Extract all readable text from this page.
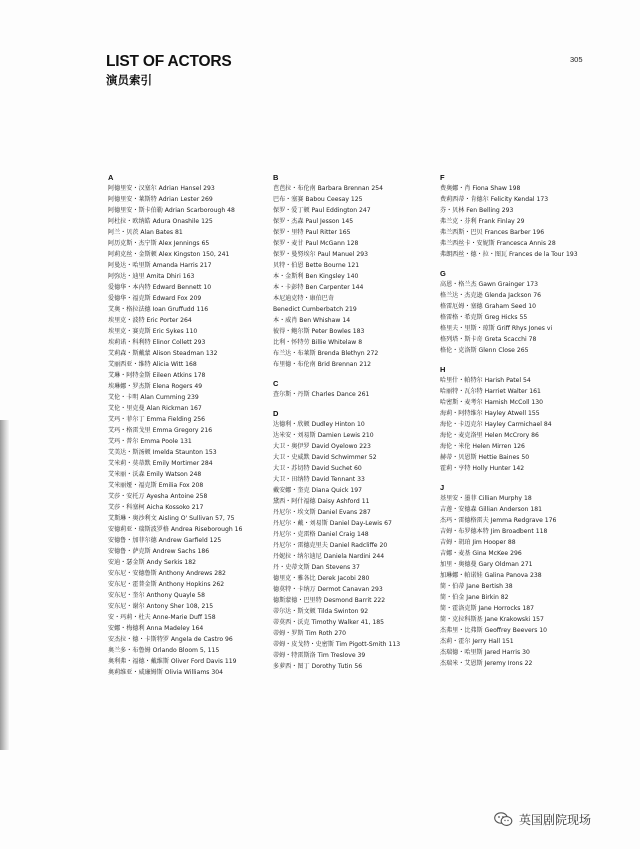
LIST OF ACTORS
演员索引
305
A
阿德里安・汉塞尔 Adrian Hansel 293
阿德里安・莱斯特 Adrian Lester 269
阿德里安・斯卡伯勒 Adrian Scarborough 48
阿杜拉・欧纳皓 Adura Onashile 125
阿兰・贝茨 Alan Bates 81
阿历克斯・杰宁斯 Alex Jennings 65
阿莉克丝・金斯顿 Alex Kingston 150, 241
阿曼达・哈里斯 Amanda Harris 217
阿弥达・迪里 Amita Dhiri 163
爱德华・本内特 Edward Bennett 10
爱德华・福克斯 Edward Fox 209
艾奥・格拉法德 Ioan Gruffudd 116
埃里克・波特 Eric Porter 264
埃里克・赛克斯 Eric Sykes 110
埃莉诺・科利特 Elinor Collett 293
艾莉森・斯戴蒙 Alison Steadman 132
艾丽西亚・维特 Alicia Witt 168
艾琳・阿特金斯 Eileen Atkins 178
埃琳娜・罗杰斯 Elena Rogers 49
艾伦・卡明 Alan Cumming 239
艾伦・里克曼 Alan Rickman 167
艾玛・菲尔丁 Emma Fielding 256
艾玛・格雷戈里 Emma Gregory 216
艾玛・普尔 Emma Poole 131
艾美达・斯汤顿 Imelda Staunton 153
艾米莉・莫蒂默 Emily Mortimer 284
艾米丽・沃森 Emily Watson 248
艾米丽娅・福克斯 Emilia Fox 208
艾莎・安托万 Ayesha Antoine 258
艾莎・科塞柯 Aicha Kossoko 217
艾斯琳・奥沙利文 Aisling O' Sullivan 57, 75
安德莉亚・瑞斯波罗格 Andrea Riseborough 16
安德鲁・加菲尔德 Andrew Garfield 125
安德鲁・萨克斯 Andrew Sachs 186
安迪・瑟金斯 Andy Serkis 182
安东尼・安德鲁斯 Anthony Andrews 282
安东尼・霍普金斯 Anthony Hopkins 262
安东尼・奎尔 Anthony Quayle 58
安东尼・谢尔 Antony Sher 108, 215
安・玛莉・杜夫 Anne-Marie Duff 158
安娜・梅德利 Anna Madeley 164
安杰拉・德・卡斯特罗 Angela de Castro 96
奥兰多・布鲁姆 Orlando Bloom 5, 115
奥利弗・福德・戴维斯 Oliver Ford Davis 119
奥莉维亚・威廉姆斯 Olivia Williams 304
B
芭芭拉・布伦南 Barbara Brennan 254
巴布・塞赛 Babou Ceesay 125
保罗・爱丁顿 Paul Eddington 247
保罗・杰森 Paul Jesson 145
保罗・里特 Paul Ritter 165
保罗・麦甘 Paul McGann 128
保罗・曼努埃尔 Paul Manuel 293
贝特・伯恩 Bette Bourne 121
本・金斯利 Ben Kingsley 140
本・卡彭特 Ben Carpenter 144
本尼迪克特・康伯巴奇
Benedict Cumberbatch 219
本・威肖 Ben Whishaw 14
彼得・鲍尔斯 Peter Bowles 183
比利・怀特劳 Billie Whitelaw 8
布兰达・布莱斯 Brenda Blethyn 272
布里德・布伦南 Brid Brennan 212
C
查尔斯・丹斯 Charles Dance 261
D
达德利・欣顿 Dudley Hinton 10
达米安・刘易斯 Damien Lewis 210
大卫・奥伊罗 David Oyelowo 223
大卫・史威默 David Schwimmer 52
大卫・苏切特 David Suchet 60
大卫・田纳特 David Tennant 33
戴安娜・奎克 Diana Quick 197
黛西・阿什福德 Daisy Ashford 11
丹尼尔・埃文斯 Daniel Evans 287
丹尼尔・戴・刘易斯 Daniel Day-Lewis 67
丹尼尔・克雷格 Daniel Craig 148
丹尼尔・雷德克里夫 Daniel Radcliffe 20
丹妮拉・纳尔迪尼 Daniela Nardini 244
丹・史蒂文斯 Dan Stevens 37
德里克・雅各比 Derek Jacobi 280
德莫特・卡纳万 Dermot Canavan 293
德斯蒙德・巴里特 Desmond Barrit 222
蒂尔达・斯文顿 Tilda Swinton 92
蒂莫西・沃克 Timothy Walker 41, 185
蒂姆・罗斯 Tim Roth 270
蒂姆・皮戈特・史密斯 Tim Pigott-Smith 113
蒂姆・特雷斯洛 Tim Treslove 39
多萝西・图丁 Dorothy Tutin 56
F
费奥娜・肖 Fiona Shaw 198
费莉西蒂・肯德尔 Felicity Kendal 173
芬・贝林 Fen Belling 293
弗兰克・芬利 Frank Finlay 29
弗兰西斯・巴贝 Frances Barber 196
弗兰西丝卡・安妮斯 Francesca Annis 28
弗朗西丝・德・拉・图瓦 Frances de la Tour 193
G
高恩・格兰杰 Gawn Grainger 173
格兰达・杰克逊 Glenda Jackson 76
格雷厄姆・塞德 Graham Seed 10
格雷格・希克斯 Greg Hicks 55
格里夫・里斯・琼斯 Griff Rhys Jones vi
格列塔・斯卡奇 Greta Scacchi 78
格伦・克洛斯 Glenn Close 265
H
哈里什・帕特尔 Harish Patel 54
哈丽特・瓦尔特 Harriet Walter 161
哈密斯・麦考尔 Hamish McColl 130
海莉・阿特维尔 Hayley Atwell 155
海伦・卡迈克尔 Hayley Carmichael 84
海伦・麦克洛里 Helen McCrory 86
海伦・米伦 Helen Mirren 126
赫蒂・贝恩斯 Hettie Baines 50
霍莉・亨特 Holly Hunter 142
J
基里安・墨菲 Cillian Murphy 18
吉莲・安德森 Gillian Anderson 181
杰玛・雷德格雷夫 Jemma Redgrave 176
吉姆・布罗德本特 Jim Broadbent 118
吉姆・胡珀 Jim Hooper 88
吉娜・麦基 Gina McKee 296
加里・奥德曼 Gary Oldman 271
加琳娜・帕诺娃 Galina Panova 238
简・伯蒂 Jane Bertish 38
简・伯金 Jane Birkin 82
简・霍洛克斯 Jane Horrocks 187
简・克拉科斯基 Jane Krakowski 157
杰弗里・比弗斯 Geoffrey Beevers 10
杰莉・霍尔 Jerry Hall 151
杰瑞德・哈里斯 Jared Harris 30
杰瑞米・艾恩斯 Jeremy Irons 22
英国剧院现场
